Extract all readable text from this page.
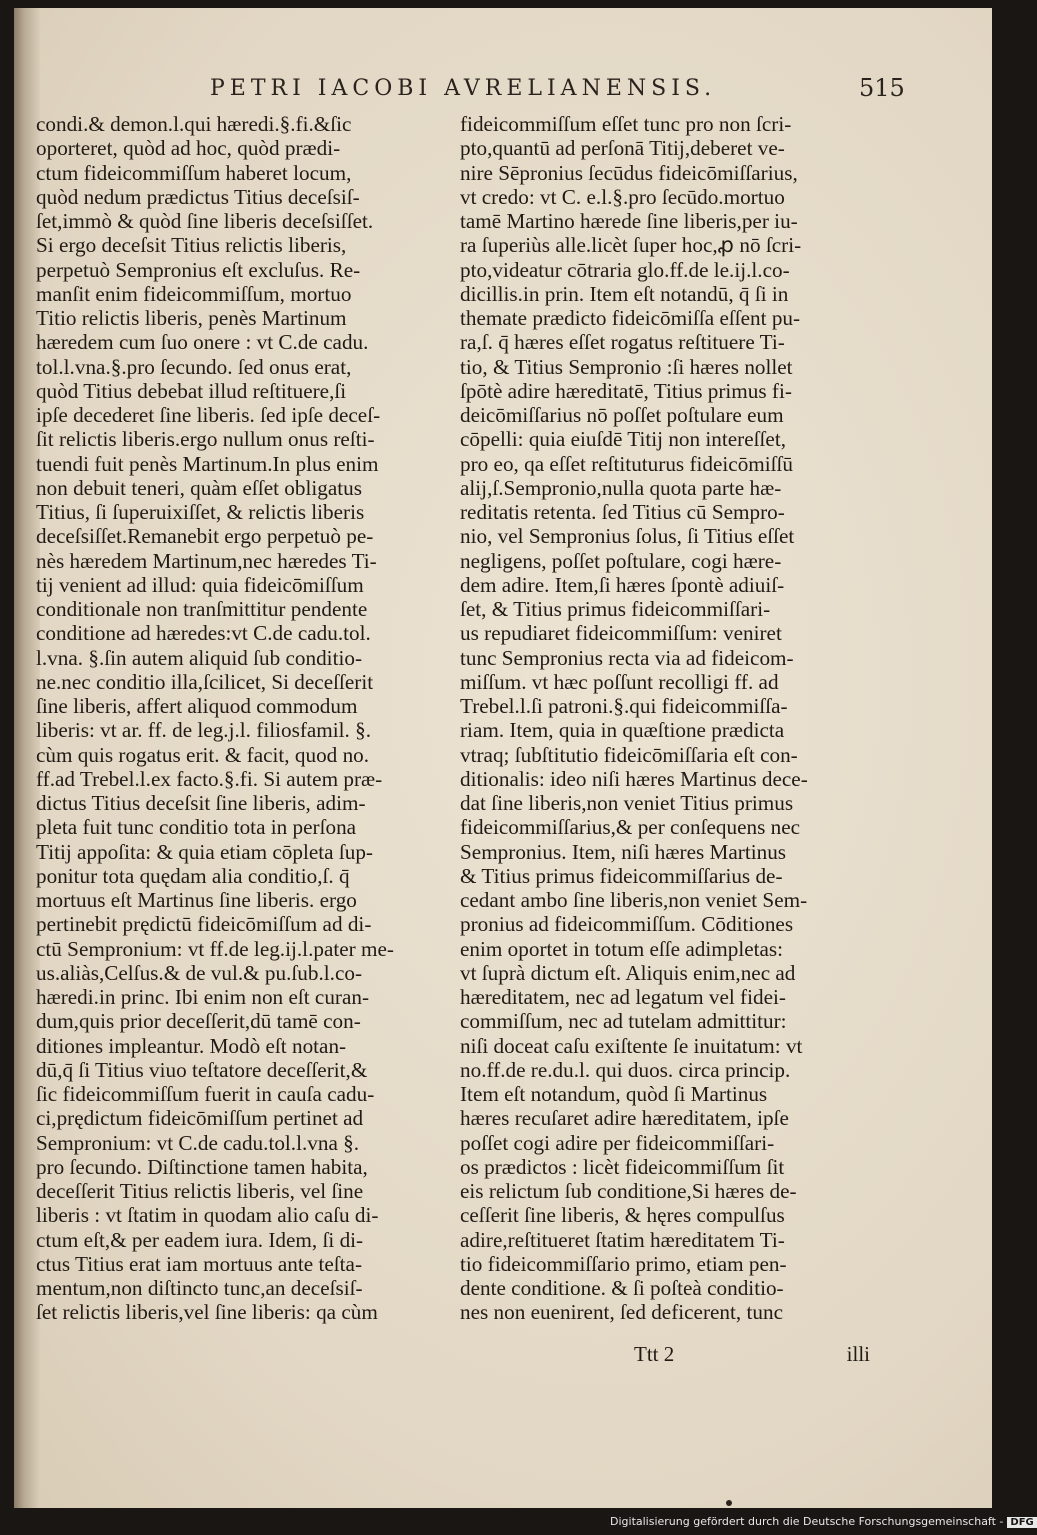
PETRI IACOBI AVRELIANENSIS.	515
condi.& demon.l.qui hæredi.§.fi.&ſic
oporteret, quòd ad hoc, quòd prædi-
ctum fideicommiſſum haberet locum,
quòd nedum prædictus Titius deceſsiſ-
ſet,immò & quòd ſine liberis deceſsiſſet.
Si ergo deceſsit Titius relictis liberis,
perpetuò Sempronius eſt excluſus. Re-
manſit enim fideicommiſſum, mortuo
Titio relictis liberis, penès Martinum
hæredem cum ſuo onere : vt C.de cadu.
tol.l.vna.§.pro ſecundo. ſed onus erat,
quòd Titius debebat illud reſtituere,ſi
ipſe decederet ſine liberis. ſed ipſe deceſ-
ſit relictis liberis.ergo nullum onus reſti-
tuendi fuit penès Martinum.In plus enim
non debuit teneri, quàm eſſet obligatus
Titius, ſi ſuperuixiſſet, & relictis liberis
deceſsiſſet.Remanebit ergo perpetuò pe-
nès hæredem Martinum,nec hæredes Ti-
tij venient ad illud: quia fideicōmiſſum
conditionale non tranſmittitur pendente
conditione ad hæredes:vt C.de cadu.tol.
l.vna. §.ſin autem aliquid ſub conditio-
ne.nec conditio illa,ſcilicet, Si deceſſerit
ſine liberis, affert aliquod commodum
liberis: vt ar. ff. de leg.j.l. filiosfamil. §.
cùm quis rogatus erit. & facit, quod no.
ff.ad Trebel.l.ex facto.§.fi. Si autem præ-
dictus Titius deceſsit ſine liberis, adim-
pleta fuit tunc conditio tota in perſona
Titij appoſita: & quia etiam cōpleta ſup-
ponitur tota quędam alia conditio,ſ. q̄
mortuus eſt Martinus ſine liberis. ergo
pertinebit prędictū fideicōmiſſum ad di-
ctū Sempronium: vt ff.de leg.ij.l.pater me-
us.aliàs,Celſus.& de vul.& pu.ſub.l.co-
hæredi.in princ. Ibi enim non eſt curan-
dum,quis prior deceſſerit,dū tamē con-
ditiones impleantur. Modò eſt notan-
dū,q̄ ſi Titius viuo teſtatore deceſſerit,&
ſic fideicommiſſum fuerit in cauſa cadu-
ci,prędictum fideicōmiſſum pertinet ad
Sempronium: vt C.de cadu.tol.l.vna §.
pro ſecundo. Diſtinctione tamen habita,
deceſſerit Titius relictis liberis, vel ſine
liberis : vt ſtatim in quodam alio caſu di-
ctum eſt,& per eadem iura. Idem, ſi di-
ctus Titius erat iam mortuus ante teſta-
mentum,non diſtincto tunc,an deceſsiſ-
ſet relictis liberis,vel ſine liberis: qa cùm
fideicommiſſum eſſet tunc pro non ſcri-
pto,quantū ad perſonā Titij,deberet ve-
nire Sēpronius ſecūdus fideicōmiſſarius,
vt credo: vt C. e.l.§.pro ſecūdo.mortuo
tamē Martino hærede ſine liberis,per iu-
ra ſuperiùs alle.licèt ſuper hoc,ꝓ nō ſcri-
pto,videatur cōtraria glo.ff.de le.ij.l.co-
dicillis.in prin. Item eſt notandū, q̄ ſi in
themate prædicto fideicōmiſſa eſſent pu-
ra,ſ. q̄ hæres eſſet rogatus reſtituere Ti-
tio, & Titius Sempronio :ſi hæres nollet
ſpōtè adire hæreditatē, Titius primus fi-
deicōmiſſarius nō poſſet poſtulare eum
cōpelli: quia eiuſdē Titij non intereſſet,
pro eo, qa eſſet reſtituturus fideicōmiſſū
alij,ſ.Sempronio,nulla quota parte hæ-
reditatis retenta. ſed Titius cū Sempro-
nio, vel Sempronius ſolus, ſi Titius eſſet
negligens, poſſet poſtulare, cogi hære-
dem adire. Item,ſi hæres ſpontè adiuiſ-
ſet, & Titius primus fideicommiſſari-
us repudiaret fideicommiſſum: veniret
tunc Sempronius recta via ad fideicom-
miſſum. vt hæc poſſunt recolligi ff. ad
Trebel.l.ſi patroni.§.qui fideicommiſſa-
riam. Item, quia in quæſtione prædicta
vtraq; ſubſtitutio fideicōmiſſaria eſt con-
ditionalis: ideo niſi hæres Martinus dece-
dat ſine liberis,non veniet Titius primus
fideicommiſſarius,& per conſequens nec
Sempronius. Item, niſi hæres Martinus
& Titius primus fideicommiſſarius de-
cedant ambo ſine liberis,non veniet Sem-
pronius ad fideicommiſſum. Cōditiones
enim oportet in totum eſſe adimpletas:
vt ſuprà dictum eſt. Aliquis enim,nec ad
hæreditatem, nec ad legatum vel fidei-
commiſſum, nec ad tutelam admittitur:
niſi doceat caſu exiſtente ſe inuitatum: vt
no.ff.de re.du.l. qui duos. circa princip.
Item eſt notandum, quòd ſi Martinus
hæres recuſaret adire hæreditatem, ipſe
poſſet cogi adire per fideicommiſſari-
os prædictos : licèt fideicommiſſum ſit
eis relictum ſub conditione,Si hæres de-
ceſſerit ſine liberis, & hęres compulſus
adire,reſtitueret ſtatim hæreditatem Ti-
tio fideicommiſſario primo, etiam pen-
dente conditione. & ſi poſteà conditio-
nes non euenirent, ſed deficerent, tunc
Ttt 2	illi
Digitalisierung gefördert durch die Deutsche Forschungsgemeinschaft - DFG
